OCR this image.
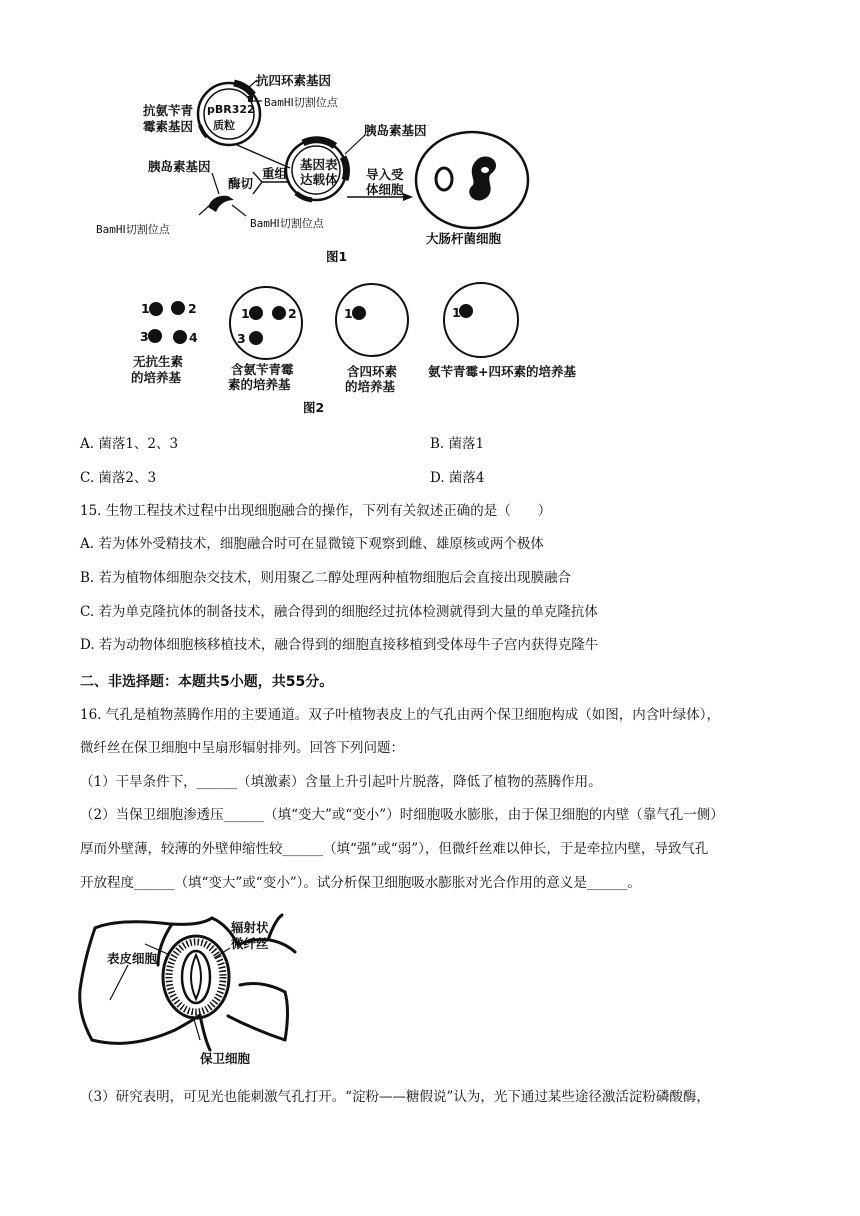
抗四环素基因
BamHⅠ切割位点
抗氨苄青
霉素基因
pBR322
质粒	胰岛素基因
基因表
达载体
胰岛素基因	重组
酶切
导入受
体细胞
BamHⅠ切割位点	BamHⅠ切割位点
大肠杆菌细胞
图1
1	2
3	4
1	2
3
1	1
无抗生素
的培养基
含氨苄青霉
素的培养基
含四环素
的培养基
氨苄青霉+四环素的培养基
图2
A. 菌落1、2、3	B. 菌落1
C. 菌落2、3	D. 菌落4
15. 生物工程技术过程中出现细胞融合的操作，下列有关叙述正确的是（　　）
A. 若为体外受精技术，细胞融合时可在显微镜下观察到雌、雄原核或两个极体
B. 若为植物体细胞杂交技术，则用聚乙二醇处理两种植物细胞后会直接出现膜融合
C. 若为单克隆抗体的制备技术，融合得到的细胞经过抗体检测就得到大量的单克隆抗体
D. 若为动物体细胞核移植技术，融合得到的细胞直接移植到受体母牛子宫内获得克隆牛
二、非选择题：本题共5小题，共55分。
16. 气孔是植物蒸腾作用的主要通道。双子叶植物表皮上的气孔由两个保卫细胞构成（如图，内含叶绿体），
微纤丝在保卫细胞中呈扇形辐射排列。回答下列问题：
（1）干旱条件下，______（填激素）含量上升引起叶片脱落，降低了植物的蒸腾作用。
（2）当保卫细胞渗透压______（填“变大”或“变小”）时细胞吸水膨胀，由于保卫细胞的内壁（靠气孔一侧）
厚而外壁薄，较薄的外壁伸缩性较______（填“强”或“弱”），但微纤丝难以伸长，于是牵拉内壁，导致气孔
开放程度______（填“变大”或“变小”）。试分析保卫细胞吸水膨胀对光合作用的意义是______。
辐射状
微纤丝
表皮细胞
保卫细胞
（3）研究表明，可见光也能刺激气孔打开。“淀粉——糖假说”认为，光下通过某些途径激活淀粉磷酸酶，
